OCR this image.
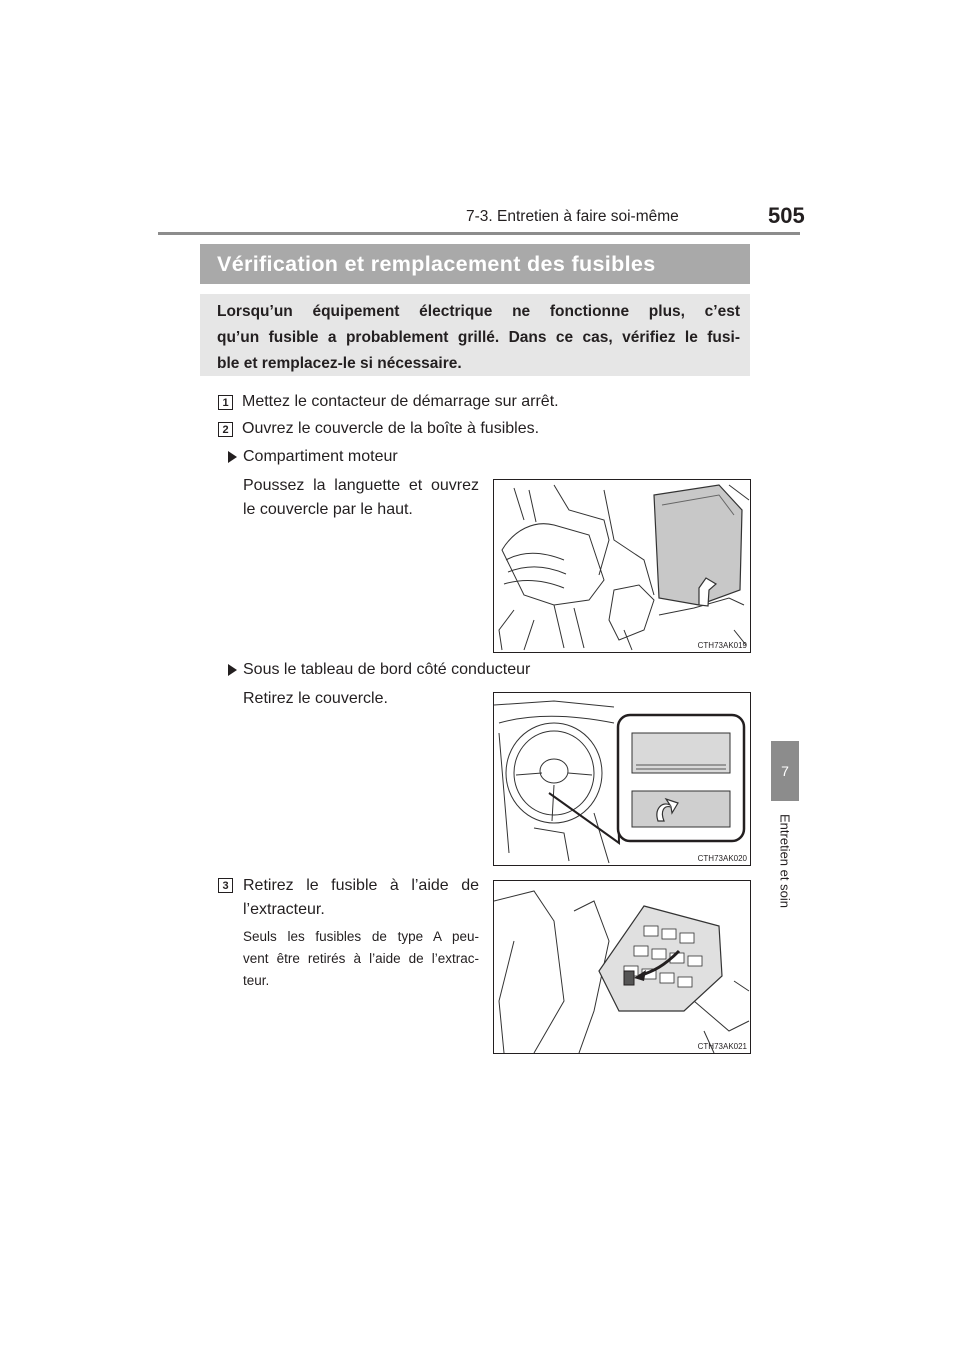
7-3. Entretien à faire soi-même	505
Vérification et remplacement des fusibles
Lorsqu’un équipement électrique ne fonctionne plus, c’est
qu’un fusible a probablement grillé. Dans ce cas, vérifiez le fusi-
ble et remplacez-le si nécessaire.
1 Mettez le contacteur de démarrage sur arrêt.
2 Ouvrez le couvercle de la boîte à fusibles.
Compartiment moteur
Poussez la languette et ouvrez
le couvercle par le haut.
CTH73AK019
Sous le tableau de bord côté conducteur
Retirez le couvercle.
CTH73AK020
3 Retirez le fusible à l’aide de
l’extracteur.
Seuls les fusibles de type A peu-
vent être retirés à l’aide de l’extrac-
teur.
CTH73AK021
7
Entretien et soin
